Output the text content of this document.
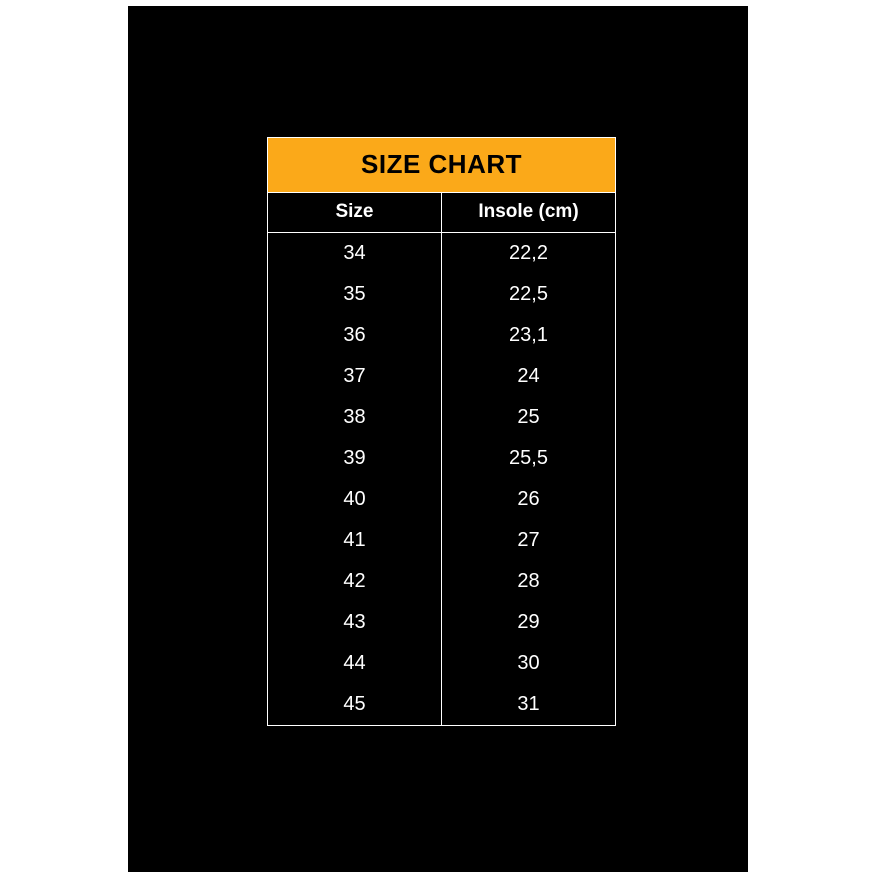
SIZE CHART	
Size	Insole (cm)
34	22,2
35	22,5
36	23,1
37	24
38	25
39	25,5
40	26
41	27
42	28
43	29
44	30
45	31
